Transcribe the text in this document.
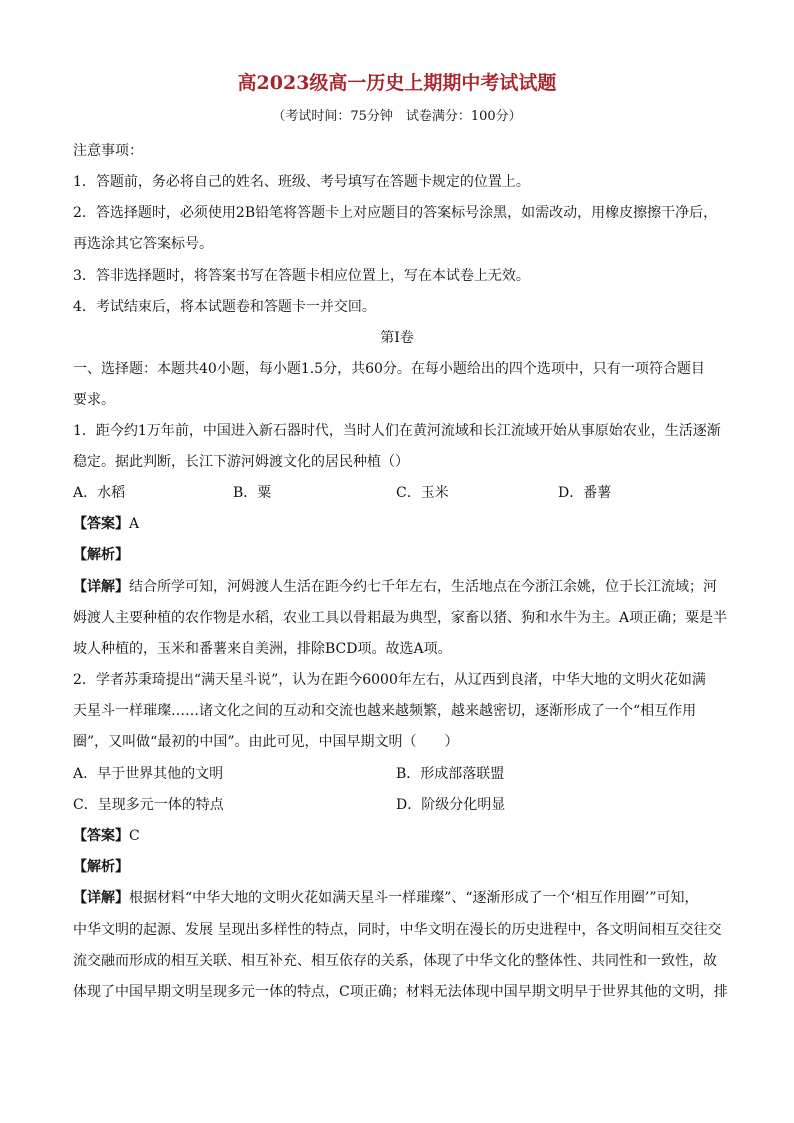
高2023级高一历史上期期中考试试题
（考试时间：75分钟　试卷满分：100分）
注意事项：
1．答题前，务必将自己的姓名、班级、考号填写在答题卡规定的位置上。
2．答选择题时，必须使用2B铅笔将答题卡上对应题目的答案标号涂黑，如需改动，用橡皮擦擦干净后，
再选涂其它答案标号。
3．答非选择题时，将答案书写在答题卡相应位置上，写在本试卷上无效。
4．考试结束后，将本试题卷和答题卡一并交回。
第Ⅰ卷
一、选择题：本题共40小题，每小题1.5分，共60分。在每小题给出的四个选项中，只有一项符合题目
要求。
1．距今约1万年前，中国进入新石器时代，当时人们在黄河流域和长江流域开始从事原始农业，生活逐渐
稳定。据此判断，长江下游河姆渡文化的居民种植（）
A．水稻	B．粟	C．玉米	D．番薯
【答案】A
【解析】
【详解】结合所学可知，河姆渡人生活在距今约七千年左右，生活地点在今浙江余姚，位于长江流域；河
姆渡人主要种植的农作物是水稻，农业工具以骨耜最为典型，家畜以猪、狗和水牛为主。A项正确；粟是半
坡人种植的，玉米和番薯来自美洲，排除BCD项。故选A项。
2．学者苏秉琦提出“满天星斗说”，认为在距今6000年左右，从辽西到良渚，中华大地的文明火花如满
天星斗一样璀璨……诸文化之间的互动和交流也越来越频繁，越来越密切，逐渐形成了一个“相互作用
圈”，又叫做“最初的中国”。由此可见，中国早期文明（　　）
A．早于世界其他的文明	B．形成部落联盟
C．呈现多元一体的特点	D．阶级分化明显
【答案】C
【解析】
【详解】根据材料“中华大地的文明火花如满天星斗一样璀璨”、“逐渐形成了一个‘相互作用圈’”可知，
中华文明的起源、发展 呈现出多样性的特点，同时，中华文明在漫长的历史进程中，各文明间相互交往交
流交融而形成的相互关联、相互补充、相互依存的关系，体现了中华文化的整体性、共同性和一致性，故
体现了中国早期文明呈现多元一体的特点，C项正确；材料无法体现中国早期文明早于世界其他的文明，排
